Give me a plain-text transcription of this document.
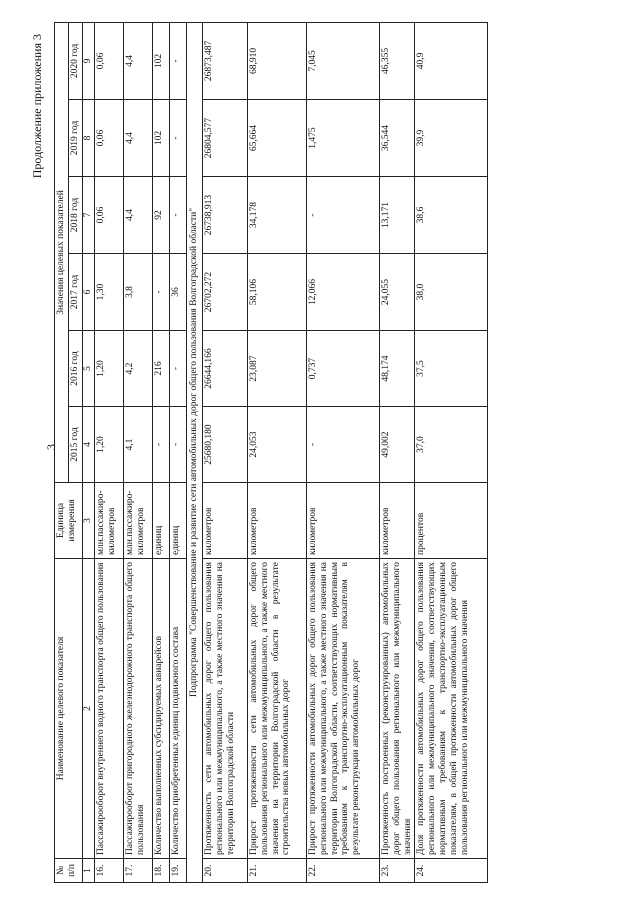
Продолжение приложения 3
3
№ п/п	Наименование целевого показателя	Единица измерения	Значения целевых показателей					
			2015 год	2016 год	2017 год	2018 год	2019 год	2020 год
1	2	3	4	5	6	7	8	9
16.	Пассажирооборот внутреннего водного транспорта общего пользования	млн.пассажиро-километров	1,20	1,20	1,30	0,06	0,06	0,06
17.	Пассажирооборот пригородного железнодорожного транспорта общего пользования	млн.пассажиро-километров	4,1	4,2	3,8	4,4	4,4	4,4
18.	Количество выполненных субсидируемых авиарейсов	единиц	-	216	-	92	102	102
19.	Количество приобретенных единиц подвижного состава	единиц	-	-	36	-	-	-
Подпрограмма "Совершенствование и развитие сети автомобильных дорог общего пользования Волгоградской области"								
20.	Протяженность сети автомобильных дорог общего пользования регионального или межмуниципального, а также местного значения на территории Волгоградской области	километров	25680,180	26644,166	26702,272	26738,913	26804,577	26873,487
21.	Прирост протяженности сети автомобильных дорог общего пользования регионального или межмуниципального, а также местного значения на территории Волгоградской области в результате строительства новых автомобильных дорог	километров	24,053	23,087	58,106	34,178	65,664	68,910
22.	Прирост протяженности автомобильных дорог общего пользования регионального или межмуниципального, а также местного значения на территории Волгоградской области, соответствующих нормативным требованиям к транспортно-эксплуатационным показателям в результате реконструкции автомобильных дорог	километров	-	0,737	12,066	-	1,475	7,045
23.	Протяженность построенных (реконструированных) автомобильных дорог общего пользования регионального или межмуниципального значения	километров	49,002	48,174	24,055	13,171	36,544	46,355
24.	Доля протяженности автомобильных дорог общего пользования регионального или межмуниципального значения, соответствующих нормативным требованиям к транспортно-эксплуатационным показателям, в общей протяженности автомобильных дорог общего пользования регионального или межмуниципального значения	процентов	37,0	37,5	38,0	38,6	39,9	40,9
